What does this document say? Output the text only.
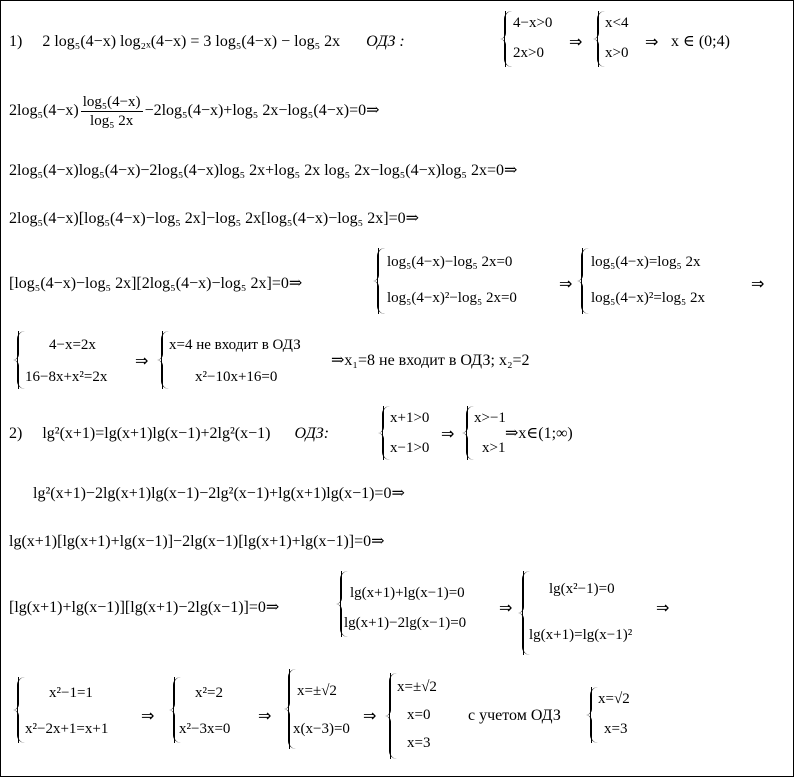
1) 2 log₅(4−x) log₂ₓ(4−x) = 3 log₅(4−x) − log₅ 2x ОДЗ :
4−x>0
2x>0
⇒
x<4
x>0
⇒ x ∈ (0;4)
$2\log_5(4-x) \frac{\text{log₅(4−x)}}{\text{log₅ 2x}} -2\log_5(4-x)+\log_5$ 2x−log₅(4−x)=0⇒
2log₅(4−x)log₅(4−x)−2log₅(4−x)log₅ 2x+log₅ 2x log₅ 2x−log₅(4−x)log₅ 2x=0⇒
2log₅(4−x)[log₅(4−x)−log₅ 2x]−log₅ 2x[log₅(4−x)−log₅ 2x]=0⇒
[log₅(4−x)−log₅ 2x][2log₅(4−x)−log₅ 2x]=0⇒
log₅(4−x)−log₅ 2x=0
log₅(4−x)²−log₅ 2x=0
⇒
log₅(4−x)=log₅ 2x
log₅(4−x)²=log₅ 2x
⇒
4−x=2x
16−8x+x²=2x
⇒
x=4 не входит в ОДЗ
x²−10x+16=0
⇒x₁=8 не входит в ОДЗ; x₂=2
2) lg²(x+1)=lg(x+1)lg(x−1)+2lg²(x−1) ОДЗ:
x+1>0
x−1>0
⇒
x>−1
x>1
⇒x∈(1;∞)
lg²(x+1)−2lg(x+1)lg(x−1)−2lg²(x−1)+lg(x+1)lg(x−1)=0⇒
lg(x+1)[lg(x+1)+lg(x−1)]−2lg(x−1)[lg(x+1)+lg(x−1)]=0⇒
[lg(x+1)+lg(x−1)][lg(x+1)−2lg(x−1)]=0⇒
lg(x+1)+lg(x−1)=0
lg(x+1)−2lg(x−1)=0
⇒
lg(x²−1)=0
lg(x+1)=lg(x−1)²
⇒
x²−1=1
x²−2x+1=x+1
⇒
x²=2
x²−3x=0
⇒
x=±√2
x(x−3)=0
⇒
x=±√2
x=0
x=3
с учетом ОДЗ
x=√2
x=3
